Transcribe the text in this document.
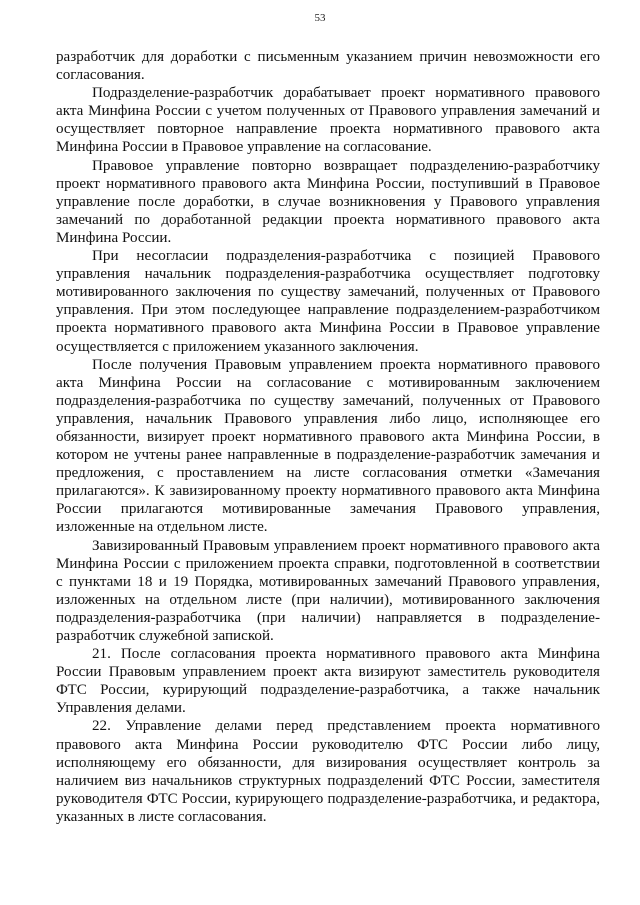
53

разработчик для доработки с письменным указанием причин невозможности его согласования.

Подразделение-разработчик дорабатывает проект нормативного правового акта Минфина России с учетом полученных от Правового управления замечаний и осуществляет повторное направление проекта нормативного правового акта Минфина России в Правовое управление на согласование.

Правовое управление повторно возвращает подразделению-разработчику проект нормативного правового акта Минфина России, поступивший в Правовое управление после доработки, в случае возникновения у Правового управления замечаний по доработанной редакции проекта нормативного правового акта Минфина России.

При несогласии подразделения-разработчика с позицией Правового управления начальник подразделения-разработчика осуществляет подготовку мотивированного заключения по существу замечаний, полученных от Правового управления. При этом последующее направление подразделением-разработчиком проекта нормативного правового акта Минфина России в Правовое управление осуществляется с приложением указанного заключения.

После получения Правовым управлением проекта нормативного правового акта Минфина России на согласование с мотивированным заключением подразделения-разработчика по существу замечаний, полученных от Правового управления, начальник Правового управления либо лицо, исполняющее его обязанности, визирует проект нормативного правового акта Минфина России, в котором не учтены ранее направленные в подразделение-разработчик замечания и предложения, с проставлением на листе согласования отметки «Замечания прилагаются». К завизированному проекту нормативного правового акта Минфина России прилагаются мотивированные замечания Правового управления, изложенные на отдельном листе.

Завизированный Правовым управлением проект нормативного правового акта Минфина России с приложением проекта справки, подготовленной в соответствии с пунктами 18 и 19 Порядка, мотивированных замечаний Правового управления, изложенных на отдельном листе (при наличии), мотивированного заключения подразделения-разработчика (при наличии) направляется в подразделение-разработчик служебной запиской.

21. После согласования проекта нормативного правового акта Минфина России Правовым управлением проект акта визируют заместитель руководителя ФТС России, курирующий подразделение-разработчика, а также начальник Управления делами.

22. Управление делами перед представлением проекта нормативного правового акта Минфина России руководителю ФТС России либо лицу, исполняющему его обязанности, для визирования осуществляет контроль за наличием виз начальников структурных подразделений ФТС России, заместителя руководителя ФТС России, курирующего подразделение-разработчика, и редактора, указанных в листе согласования.
